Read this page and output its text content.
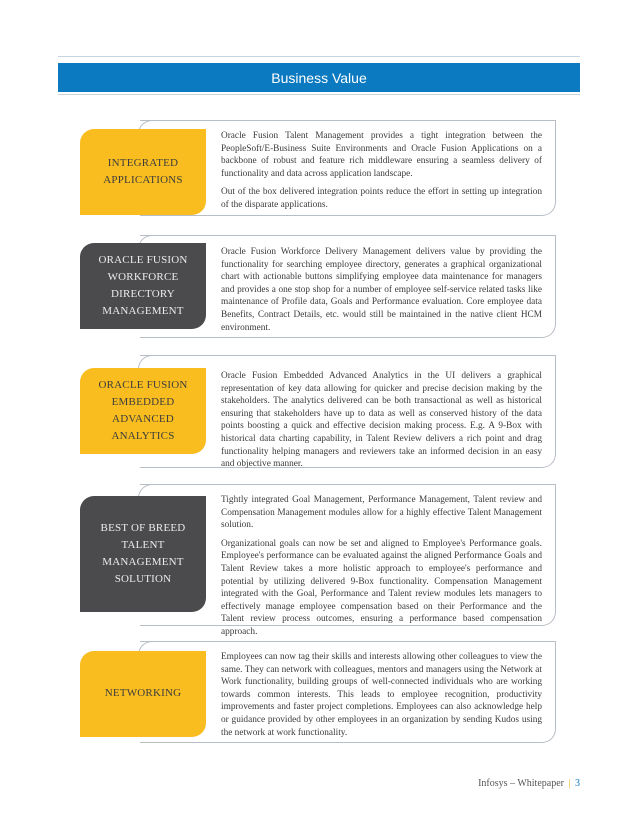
Business Value
INTEGRATED
APPLICATIONS

Oracle Fusion Talent Management provides a tight integration between the PeopleSoft/E-Business Suite Environments and Oracle Fusion Applications on a backbone of robust and feature rich middleware ensuring a seamless delivery of functionality and data across application landscape.

Out of the box delivered integration points reduce the effort in setting up integration of the disparate applications.

ORACLE FUSION
WORKFORCE DIRECTORY
MANAGEMENT

Oracle Fusion Workforce Delivery Management delivers value by providing the functionality for searching employee directory, generates a graphical organizational chart with actionable buttons simplifying employee data maintenance for managers and provides a one stop shop for a number of employee self-service related tasks like maintenance of Profile data, Goals and Performance evaluation. Core employee data Benefits, Contract Details, etc. would still be maintained in the native client HCM environment.

ORACLE FUSION
EMBEDDED ADVANCED
ANALYTICS

Oracle Fusion Embedded Advanced Analytics in the UI delivers a graphical representation of key data allowing for quicker and precise decision making by the stakeholders. The analytics delivered can be both transactional as well as historical ensuring that stakeholders have up to data as well as conserved history of the data points boosting a quick and effective decision making process. E.g. A 9-Box with historical data charting capability, in Talent Review delivers a rich point and drag functionality helping managers and reviewers take an informed decision in an easy and objective manner.

BEST OF BREED
TALENT MANAGEMENT
SOLUTION

Tightly integrated Goal Management, Performance Management, Talent review and Compensation Management modules allow for a highly effective Talent Management solution.

Organizational goals can now be set and aligned to Employee's Performance goals. Employee's performance can be evaluated against the aligned Performance Goals and Talent Review takes a more holistic approach to employee's performance and potential by utilizing delivered 9-Box functionality. Compensation Management integrated with the Goal, Performance and Talent review modules lets managers to effectively manage employee compensation based on their Performance and the Talent review process outcomes, ensuring a performance based compensation approach.

NETWORKING

Employees can now tag their skills and interests allowing other colleagues to view the same. They can network with colleagues, mentors and managers using the Network at Work functionality, building groups of well-connected individuals who are working towards common interests. This leads to employee recognition, productivity improvements and faster project completions. Employees can also acknowledge help or guidance provided by other employees in an organization by sending Kudos using the network at work functionality.

Infosys – Whitepaper | 3
